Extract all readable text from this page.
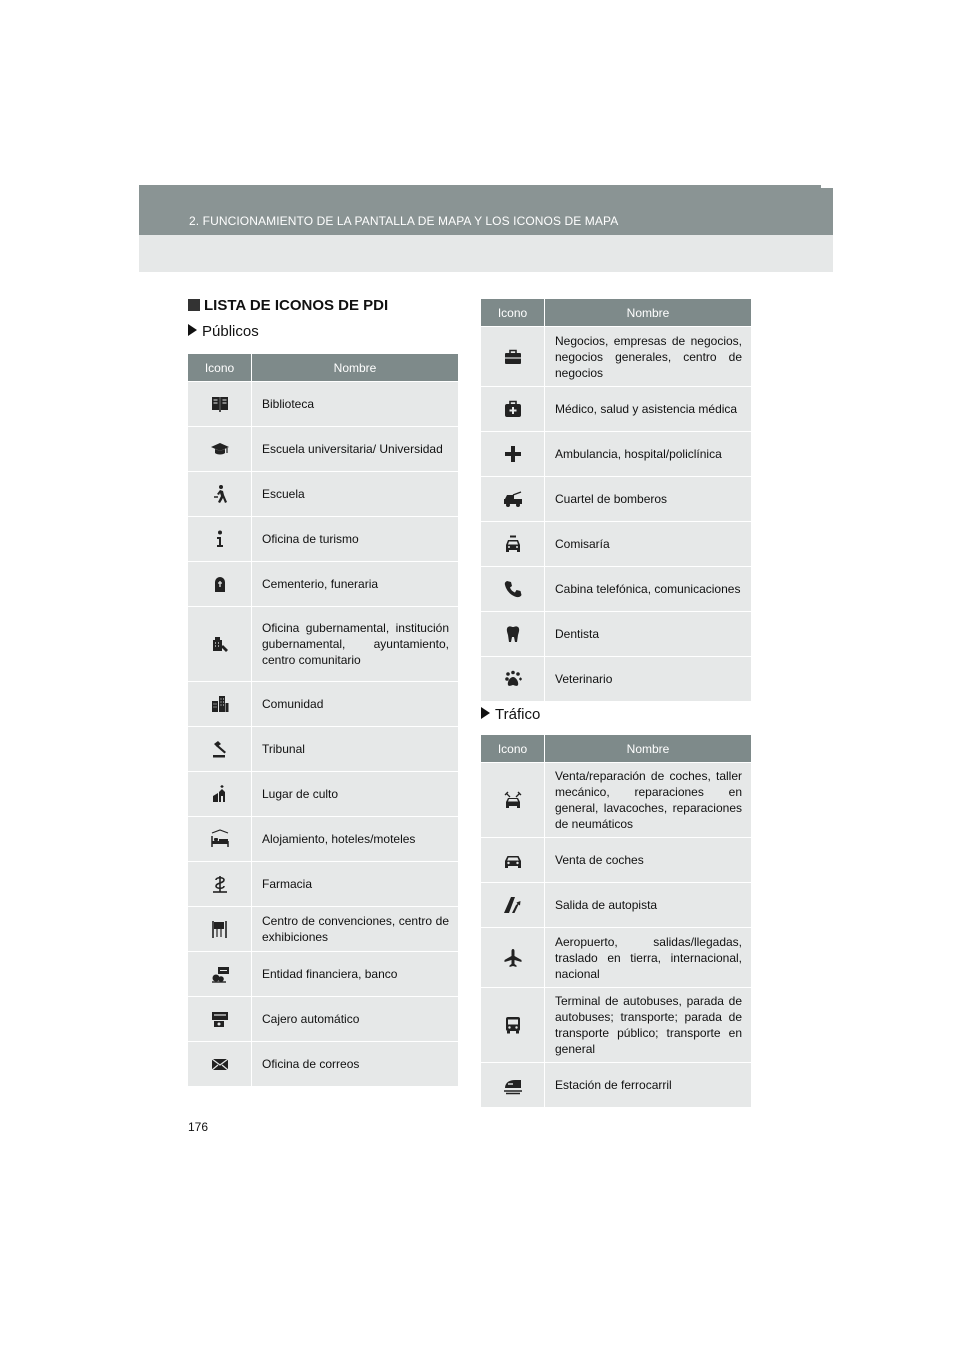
2. FUNCIONAMIENTO DE LA PANTALLA DE MAPA Y LOS ICONOS DE MAPA
LISTA DE ICONOS DE PDI
Públicos
Icono	Nombre
	Biblioteca
	Escuela universitaria/ Universidad
	Escuela
	Oficina de turismo
	Cementerio, funeraria
	Oficina gubernamental, institución gubernamental, ayuntamiento, centro comunitario
	Comunidad
	Tribunal
	Lugar de culto
	Alojamiento, hoteles/moteles
	Farmacia
	Centro de convenciones, centro de exhibiciones
	Entidad financiera, banco
	Cajero automático
	Oficina de correos
Icono	Nombre
	Negocios, empresas de negocios, negocios generales, centro de negocios
	Médico, salud y asistencia médica
	Ambulancia, hospital/policlínica
	Cuartel de bomberos
	Comisaría
	Cabina telefónica, comunicaciones
	Dentista
	Veterinario
Tráfico
Icono	Nombre
	Venta/reparación de coches, taller mecánico, reparaciones en general, lavacoches, reparaciones de neumáticos
	Venta de coches
	Salida de autopista
	Aeropuerto, salidas/llegadas, traslado en tierra, internacional, nacional
	Terminal de autobuses, parada de autobuses; transporte; parada de transporte público; transporte en general
	Estación de ferrocarril
176
